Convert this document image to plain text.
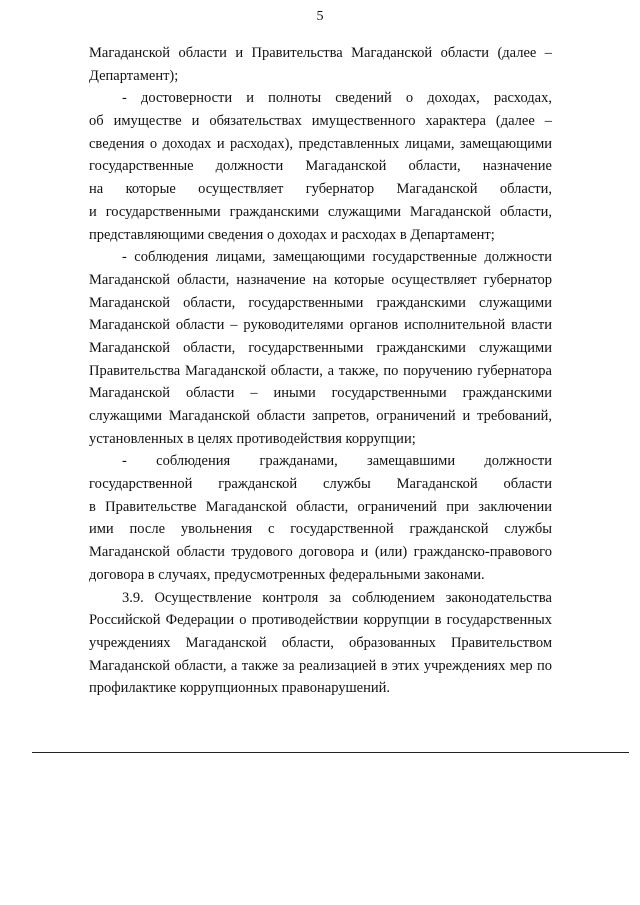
5
Магаданской области и Правительства Магаданской области (далее –
Департамент);
- достоверности и полноты сведений о доходах, расходах,
об имуществе и обязательствах имущественного характера (далее –
сведения о доходах и расходах), представленных лицами, замещающими
государственные должности Магаданской области, назначение
на которые осуществляет губернатор Магаданской области,
и государственными гражданскими служащими Магаданской области,
представляющими сведения о доходах и расходах в Департамент;
- соблюдения лицами, замещающими государственные должности
Магаданской области, назначение на которые осуществляет губернатор
Магаданской области, государственными гражданскими служащими
Магаданской области – руководителями органов исполнительной власти
Магаданской области, государственными гражданскими служащими
Правительства Магаданской области, а также, по поручению губернатора
Магаданской области – иными государственными гражданскими
служащими Магаданской области запретов, ограничений и требований,
установленных в целях противодействия коррупции;
- соблюдения гражданами, замещавшими должности
государственной гражданской службы Магаданской области
в Правительстве Магаданской области, ограничений при заключении
ими после увольнения с государственной гражданской службы
Магаданской области трудового договора и (или) гражданско-правового
договора в случаях, предусмотренных федеральными законами.
3.9. Осуществление контроля за соблюдением законодательства
Российской Федерации о противодействии коррупции в государственных
учреждениях Магаданской области, образованных Правительством
Магаданской области, а также за реализацией в этих учреждениях мер по
профилактике коррупционных правонарушений.
